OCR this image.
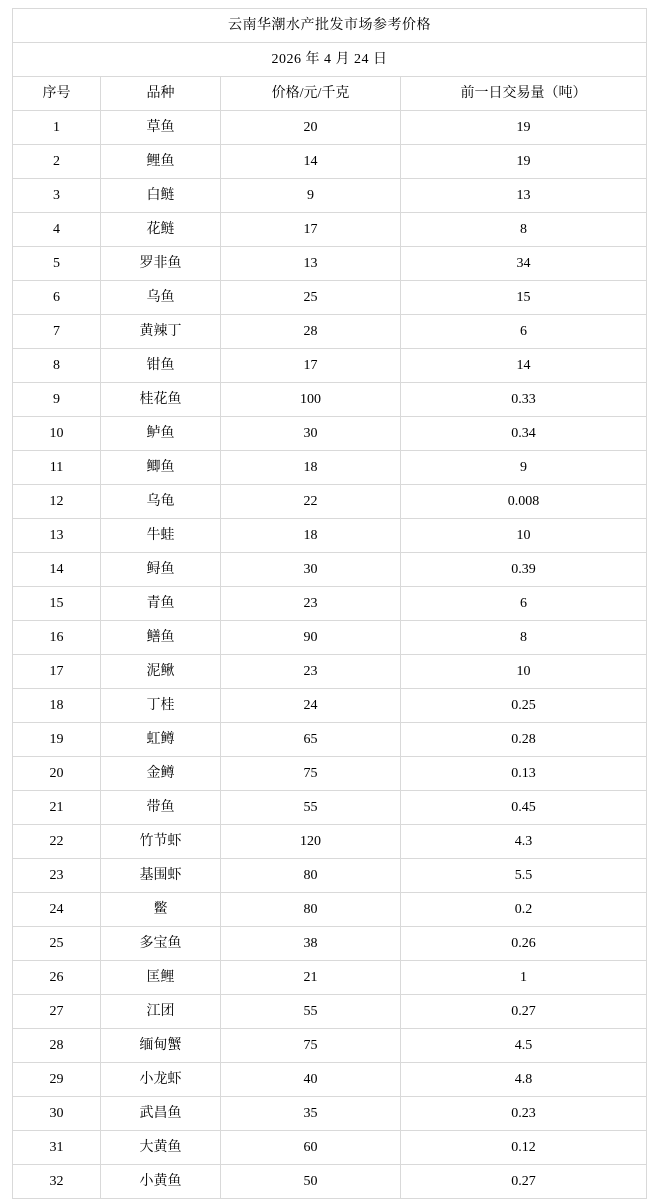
云南华潮水产批发市场参考价格			
2026 年 4 月 24 日			
序号	品种	价格/元/千克	前一日交易量（吨）
1	草鱼	20	19
2	鲤鱼	14	19
3	白鲢	9	13
4	花鲢	17	8
5	罗非鱼	13	34
6	乌鱼	25	15
7	黄辣丁	28	6
8	钳鱼	17	14
9	桂花鱼	100	0.33
10	鲈鱼	30	0.34
11	鲫鱼	18	9
12	乌龟	22	0.008
13	牛蛙	18	10
14	鲟鱼	30	0.39
15	青鱼	23	6
16	鳝鱼	90	8
17	泥鳅	23	10
18	丁桂	24	0.25
19	虹鳟	65	0.28
20	金鳟	75	0.13
21	带鱼	55	0.45
22	竹节虾	120	4.3
23	基围虾	80	5.5
24	鳖	80	0.2
25	多宝鱼	38	0.26
26	匡鲤	21	1
27	江团	55	0.27
28	缅甸蟹	75	4.5
29	小龙虾	40	4.8
30	武昌鱼	35	0.23
31	大黄鱼	60	0.12
32	小黄鱼	50	0.27
